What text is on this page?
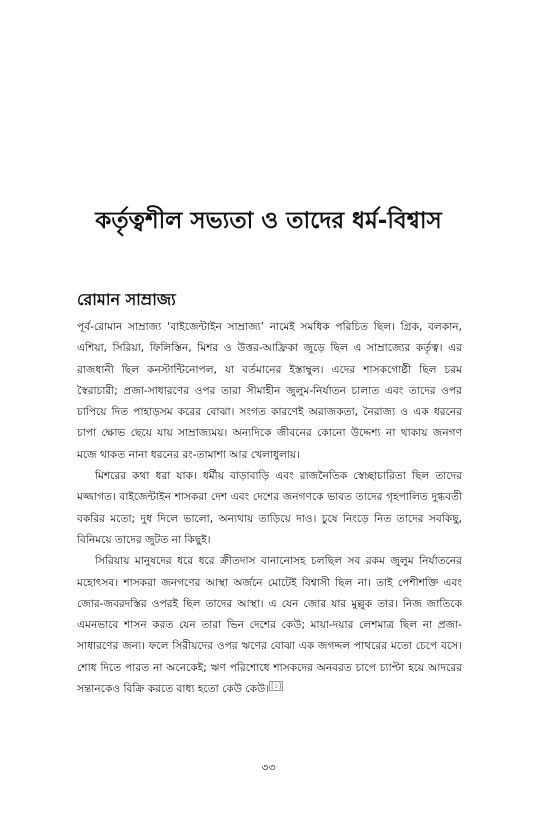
কর্তৃত্বশীল সভ্যতা ও তাদের ধর্ম-বিশ্বাস
রোমান সাম্রাজ্য

পূর্ব-রোমান সাম্রাজ্য ‘বাইজেন্টাইন সাম্রাজ্য’ নামেই সমধিক পরিচিত ছিল। গ্রিক, বলকান, এশিয়া, সিরিয়া, ফিলিস্তিন, মিশর ও উত্তর-আফ্রিকা জুড়ে ছিল এ সাম্রাজ্যের কর্তৃত্ব। এর রাজধানী ছিল কনস্টান্টিনোপল, যা বর্তমানের ইস্তাম্বুল। এদের শাসকগোষ্ঠী ছিল চরম স্বৈরাচারী; প্রজা-সাধারণের ওপর তারা সীমাহীন জুলুম-নির্যাতন চালাত এবং তাদের ওপর চাপিয়ে দিত পাহাড়সম করের বোঝা। সংগত কারণেই অরাজকতা, নৈরাজ্য ও এক ধরনের চাপা ক্ষোভ ছেয়ে যায় সাম্রাজ্যময়। অন্যদিকে জীবনের কোনো উদ্দেশ্য না থাকায় জনগণ মজে থাকত নানা ধরনের রং-তামাশা আর খেলাধুলায়।

মিশরের কথা ধরা যাক। ধর্মীয় বাড়াবাড়ি এবং রাজনৈতিক স্বেচ্ছাচারিতা ছিল তাদের মজ্জাগত। বাইজেন্টাইন শাসকরা দেশ এবং দেশের জনগণকে ভাবত তাদের গৃহপালিত দুগ্ধবতী বকরির মতো; দুধ দিলে ভালো, অন্যথায় তাড়িয়ে দাও। চুষে নিংড়ে নিত তাদের সবকিছু, বিনিময়ে তাদের জুটত না কিছুই।

সিরিয়ায় মানুষদের ধরে ধরে ক্রীতদাস বানানোসহ চলছিল সব রকম জুলুম নির্যাতনের মহোৎসব। শাসকরা জনগণের আস্থা অর্জনে মোটেই বিশ্বাসী ছিল না। তাই পেশীশক্তি এবং জোর-জবরদস্তির ওপরই ছিল তাদের আস্থা। এ যেন জোর যার মুল্লুক তার। নিজ জাতিকে এমনভাবে শাসন করত যেন তারা ভিন দেশের কেউ; মায়া-দয়ার লেশমাত্র ছিল না প্রজা-সাধারণের জন্য। ফলে সিরীয়দের ওপর ঋণের বোঝা এক জগদ্দল পাথরের মতো চেপে বসে। শোধ দিতে পারত না অনেকেই; ঋণ পরিশোধে শাসকদের অনবরত চাপে চ্যাপ্টা হয়ে আদরের সন্তানকেও বিক্রি করতে বাধ্য হতো কেউ কেউ। [১]

৩৩
